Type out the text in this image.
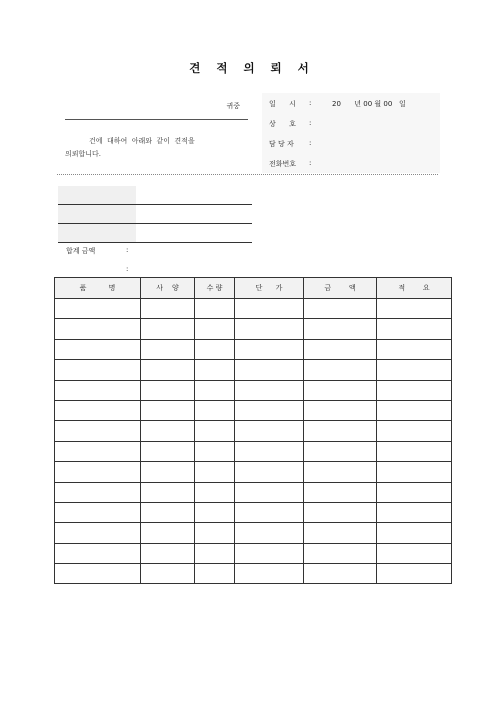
견 적 의 뢰 서
귀중
건에  대하여  아래와  같이  견적을
의뢰합니다.
일      시	:	20      년 00 월 00   일
상      호	:
담 당 자	:
전화번호	:

:

합계 금액

:

품          명	사    양	수 량	단      가	금        액	적        요
